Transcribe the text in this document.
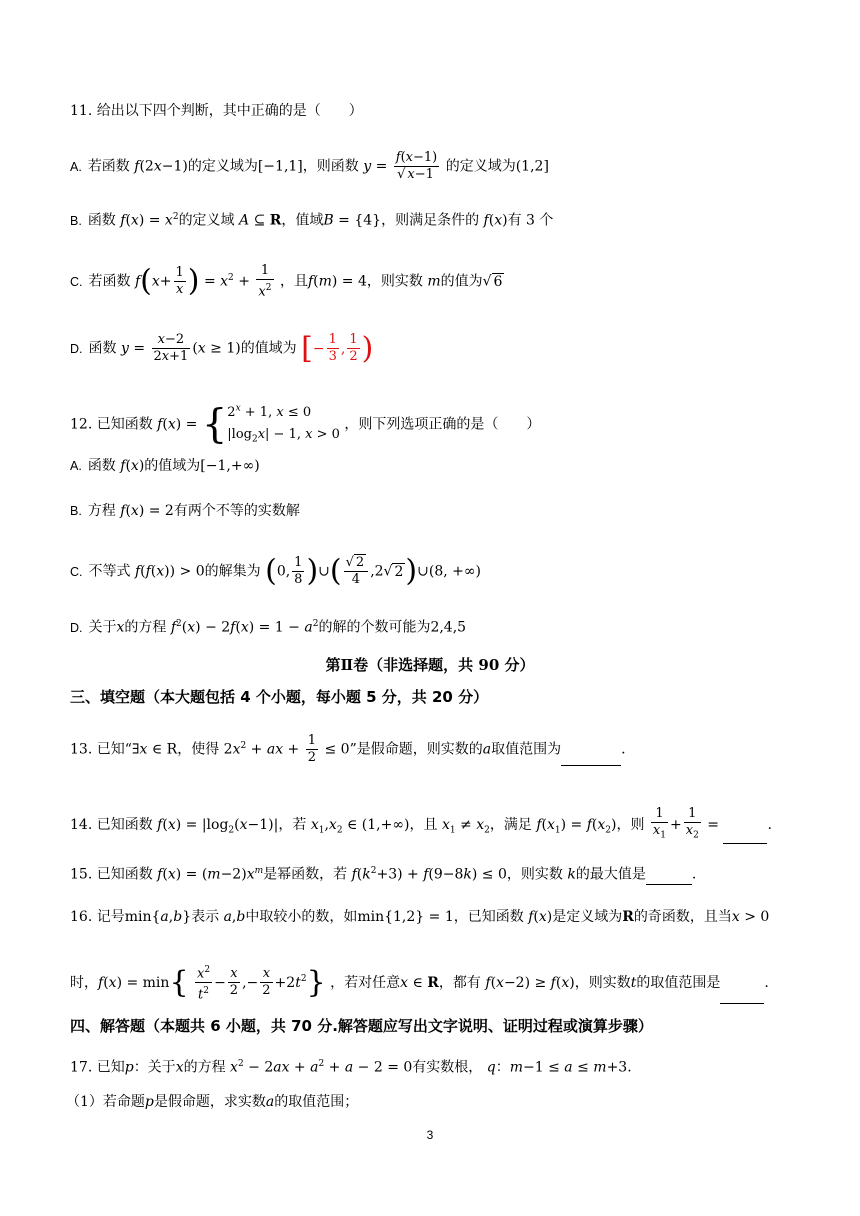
11. 给出以下四个判断，其中正确的是（　　）
A. 若函数 f(2x−1)的定义域为[−1,1]，则函数 $y = \frac{f(x-1)}{√ x-1}$ 的定义域为(1,2]
B. 函数 $f(x) = x^2$的定义域 A ⊆ R，值域B = {4}，则满足条件的 f(x)有 3 个
C. 若函数 $f(x+ \frac{1}{x}$ ) = $x^2 + \frac{1}{x^2}$ ，且f(m) = 4，则实数 m的值为√ 6
D. 函数 $y = \frac{x-2}{2x+1} (x \ge 1)$的值域为 [− $\frac{1}{3}$ , $\frac{1}{2}$ )
12. 已知函数 $f(x) = \{2^x + 1$, x ≤ 0
$|\log_2x| - 1$, x > 0 ，则下列选项正确的是（　　）
A. 函数 f(x)的值域为[−1,+∞)
B. 方程 f(x) = 2有两个不等的实数解
C. 不等式 f(f(x)) > 0的解集为 (0, $\frac{1}{8}$ )∪( $\frac{√ 2}{4} ,2√$ 2)∪(8, +∞)
D. 关于x的方程 $f^2(x) - 2f(x) = 1 - a^2$的解的个数可能为2,4,5
第Ⅱ卷（非选择题，共 90 分）
三、填空题（本大题包括 4 个小题，每小题 5 分，共 20 分）
13. 已知“∃x ∈ R，使得 $2x^2$ + ax + $\frac{1}{2} \le 0$”是假命题，则实数的a取值范围为	.
14. 已知函数 $f(x) = |\log_2(x-1)|$，若 $x_1,x_2$ ∈ (1,+∞)，且 $x_1 \ne x_2$，满足 $f(x_1) = f(x_2)$，则 $\frac{1}{x_1} + \frac{1}{x_2}$ =	.
15. 已知函数 $f(x) = (m-2)x^m$是幂函数，若 $f(k^2+3) + f(9-8k) \le 0$，则实数 k的最大值是	.
16. 记号min{a,b}表示 a,b中取较小的数，如min{1,2} = 1，已知函数 f(x)是定义域为R的奇函数，且当x > 0
时，$f(x) = \min\{ \frac{x^2}{t^2} - \frac{x}{2}$ ,− $\frac{x}{2} +2t^2$} ，若对任意x ∈ R，都有 f(x−2) ≥ f(x)，则实数t的取值范围是	.
四、解答题（本题共 6 小题，共 70 分.解答题应写出文字说明、证明过程或演算步骤）
17. 已知p：关于x的方程 $x^2 - 2ax + a^2 + a - 2 = 0$有实数根， q：m−1 ≤ a ≤ m+3.
（1）若命题p是假命题，求实数a的取值范围；
3
